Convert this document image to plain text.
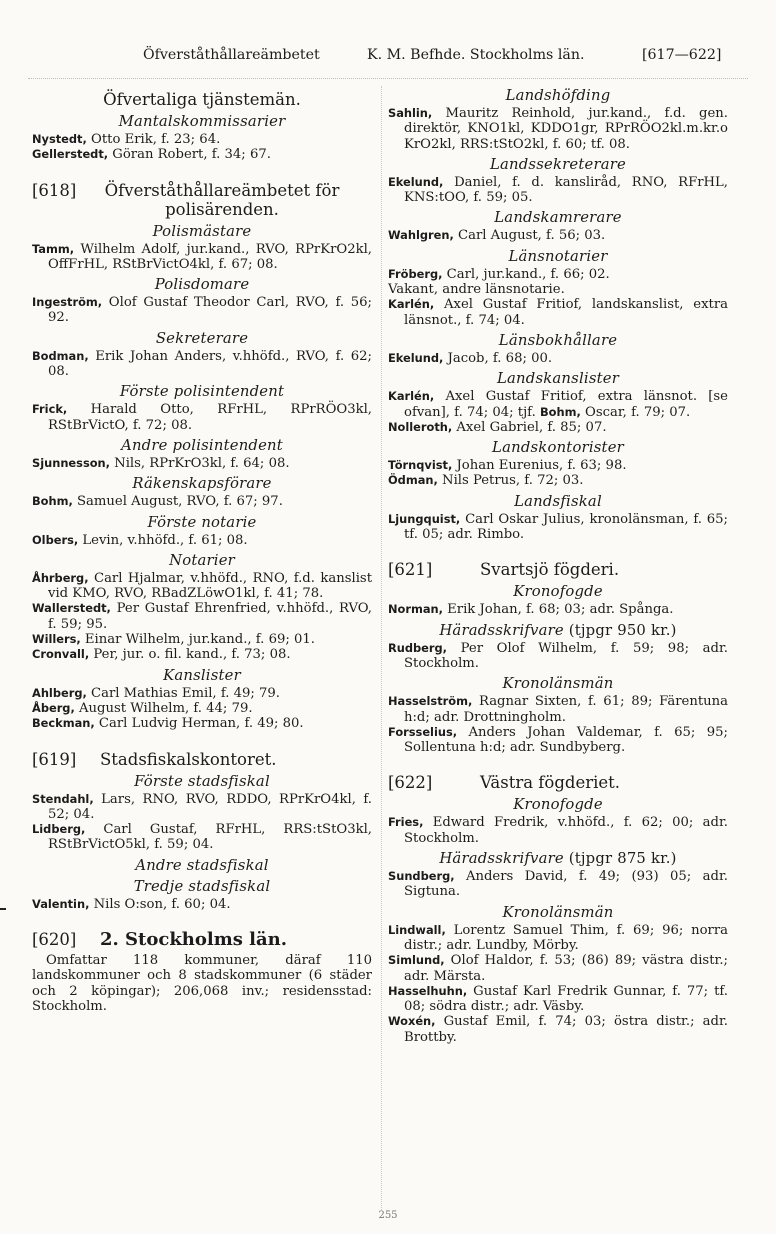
Öfverståthållareämbetet	K. M. Befhde. Stockholms län.	[617—622]
Öfvertaliga tjänstemän.
Mantalskommissarier

Nystedt, Otto Erik, f. 23; 64.

Gellerstedt, Göran Robert, f. 34; 67.

[618]	Öfverståthållareämbetet för polisärenden.
Polismästare

Tamm, Wilhelm Adolf, jur.kand., RVO, RPrKrO2kl, OffFrHL, RStBrVictO4kl, f. 67; 08.

Polisdomare

Ingeström, Olof Gustaf Theodor Carl, RVO, f. 56; 92.

Sekreterare

Bodman, Erik Johan Anders, v.hhöfd., RVO, f. 62; 08.

Förste polisintendent

Frick, Harald Otto, RFrHL, RPrRÖO3kl, RStBrVictO, f. 72; 08.

Andre polisintendent

Sjunnesson, Nils, RPrKrO3kl, f. 64; 08.

Räkenskapsförare

Bohm, Samuel August, RVO, f. 67; 97.

Förste notarie

Olbers, Levin, v.hhöfd., f. 61; 08.

Notarier

Åhrberg, Carl Hjalmar, v.hhöfd., RNO, f.d. kanslist vid KMO, RVO, RBadZLöwO1kl, f. 41; 78.

Wallerstedt, Per Gustaf Ehrenfried, v.hhöfd., RVO, f. 59; 95.

Willers, Einar Wilhelm, jur.kand., f. 69; 01.

Cronvall, Per, jur. o. fil. kand., f. 73; 08.

Kanslister

Ahlberg, Carl Mathias Emil, f. 49; 79.

Åberg, August Wilhelm, f. 44; 79.

Beckman, Carl Ludvig Herman, f. 49; 80.

[619] Stadsfiskalskontoret.
Förste stadsfiskal

Stendahl, Lars, RNO, RVO, RDDO, RPrKrO4kl, f. 52; 04.

Lidberg, Carl Gustaf, RFrHL, RRS:tStO3kl, RStBrVictO5kl, f. 59; 04.

Andre stadsfiskal
Tredje stadsfiskal

Valentin, Nils O:son, f. 60; 04.

[620] 2. Stockholms län.

Omfattar 118 kommuner, däraf 110 landskommuner och 8 stadskommuner (6 städer och 2 köpingar); 206,068 inv.; residensstad: Stockholm.

Landshöfding

Sahlin, Mauritz Reinhold, jur.kand., f.d. gen. direktör, KNO1kl, KDDO1gr, RPrRÖO2kl.m.kr.o KrO2kl, RRS:tStO2kl, f. 60; tf. 08.

Landssekreterare

Ekelund, Daniel, f. d. kansliråd, RNO, RFrHL, KNS:tOO, f. 59; 05.

Landskamrerare

Wahlgren, Carl August, f. 56; 03.

Länsnotarier

Fröberg, Carl, jur.kand., f. 66; 02.

Vakant, andre länsnotarie.

Karlén, Axel Gustaf Fritiof, landskanslist, extra länsnot., f. 74; 04.

Länsbokhållare

Ekelund, Jacob, f. 68; 00.

Landskanslister

Karlén, Axel Gustaf Fritiof, extra länsnot. [se ofvan], f. 74; 04; tjf. Bohm, Oscar, f. 79; 07.

Nolleroth, Axel Gabriel, f. 85; 07.

Landskontorister

Törnqvist, Johan Eurenius, f. 63; 98.

Ödman, Nils Petrus, f. 72; 03.

Landsfiskal

Ljungquist, Carl Oskar Julius, kronolänsman, f. 65; tf. 05; adr. Rimbo.

[621]	Svartsjö fögderi.
Kronofogde

Norman, Erik Johan, f. 68; 03; adr. Spånga.

Häradsskrifvare (tjpgr 950 kr.)

Rudberg, Per Olof Wilhelm, f. 59; 98; adr. Stockholm.

Kronolänsmän

Hasselström, Ragnar Sixten, f. 61; 89; Färentuna h:d; adr. Drottningholm.

Forsselius, Anders Johan Valdemar, f. 65; 95; Sollentuna h:d; adr. Sundbyberg.

[622]	Västra fögderiet.
Kronofogde

Fries, Edward Fredrik, v.hhöfd., f. 62; 00; adr. Stockholm.

Häradsskrifvare (tjpgr 875 kr.)

Sundberg, Anders David, f. 49; (93) 05; adr. Sigtuna.

Kronolänsmän

Lindwall, Lorentz Samuel Thim, f. 69; 96; norra distr.; adr. Lundby, Mörby.

Simlund, Olof Haldor, f. 53; (86) 89; västra distr.; adr. Märsta.

Hasselhuhn, Gustaf Karl Fredrik Gunnar, f. 77; tf. 08; södra distr.; adr. Väsby.

Woxén, Gustaf Emil, f. 74; 03; östra distr.; adr. Brottby.

255
